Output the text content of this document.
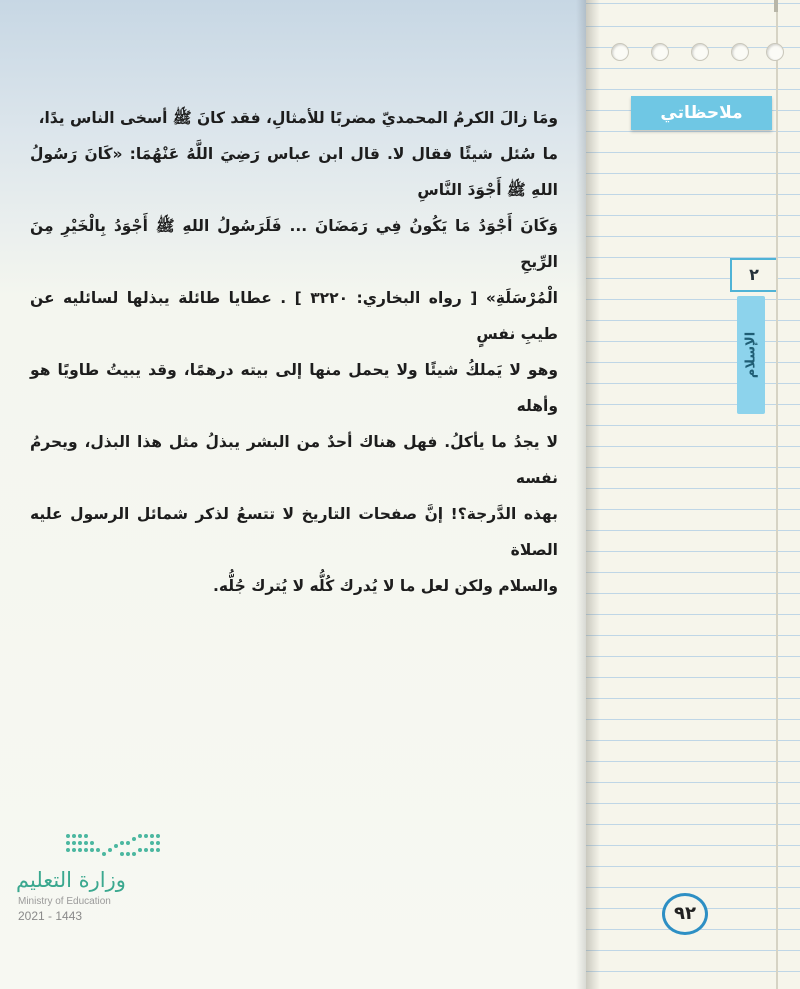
ومَا زالَ الكرمُ المحمديّ مضربًا للأمثالِ، فقد كانَ ﷺ أسخى الناس يدًا،

ما سُئل شيئًا فقال لا. قال ابن عباس رَضِيَ اللَّهُ عَنْهُمَا: «كَانَ رَسُولُ اللهِ ﷺ أَجْوَدَ النَّاسِ

وَكَانَ أَجْوَدُ مَا يَكُونُ فِي رَمَضَانَ ... فَلَرَسُولُ اللهِ ﷺ أَجْوَدُ بِالْخَيْرِ مِنَ الرِّيحِ

الْمُرْسَلَةِ» [ رواه البخاري: ٣٢٢٠ ] . عطايا طائلة يبذلها لسائليه عن طيبِ نفسٍ

وهو لا يَملكُ شيئًا ولا يحمل منها إلى بيته درهمًا، وقد يبيتُ طاويًا هو وأهله

لا يجدُ ما يأكلُ. فهل هناك أحدٌ من البشر يبذلُ مثل هذا البذل، ويحرمُ نفسه

بهذه الدَّرجة؟! إنَّ صفحات التاريخ لا تتسعُ لذكر شمائل الرسول عليه الصلاة

والسلام ولكن لعل ما لا يُدرك كُلُّه لا يُترك جُلُّه.

وزارة التعليم
Ministry of Education
2021 - 1443
ملاحظاتي
٢
الإسلام
٩٢
